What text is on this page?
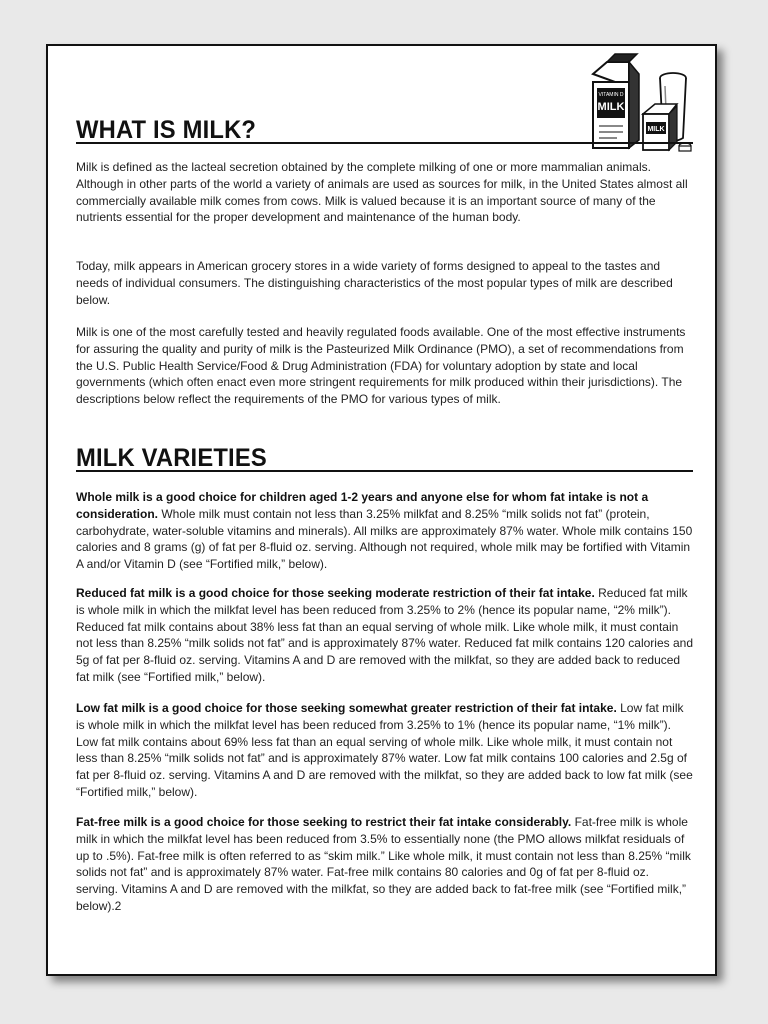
VITAMIN D
MILK
MILK
WHAT IS MILK?

Milk is defined as the lacteal secretion obtained by the complete milking of one or more mammalian animals. Although in other parts of the world a variety of animals are used as sources for milk, in the United States almost all commercially available milk comes from cows. Milk is valued because it is an important source of many of the nutrients essential for the proper development and maintenance of the human body.

Today, milk appears in American grocery stores in a wide variety of forms designed to appeal to the tastes and needs of individual consumers. The distinguishing characteristics of the most popular types of milk are described below.

Milk is one of the most carefully tested and heavily regulated foods available. One of the most effective instruments for assuring the quality and purity of milk is the Pasteurized Milk Ordinance (PMO), a set of recommendations from the U.S. Public Health Service/Food & Drug Administration (FDA) for voluntary adoption by state and local governments (which often enact even more stringent requirements for milk produced within their jurisdictions). The descriptions below reflect the requirements of the PMO for various types of milk.

MILK VARIETIES

Whole milk is a good choice for children aged 1-2 years and anyone else for whom fat intake is not a consideration. Whole milk must contain not less than 3.25% milkfat and 8.25% “milk solids not fat” (protein, carbohydrate, water-soluble vitamins and minerals). All milks are approximately 87% water. Whole milk contains 150 calories and 8 grams (g) of fat per 8-fluid oz. serving. Although not required, whole milk may be fortified with Vitamin A and/or Vitamin D (see “Fortified milk,” below).

Reduced fat milk is a good choice for those seeking moderate restriction of their fat intake. Reduced fat milk is whole milk in which the milkfat level has been reduced from 3.25% to 2% (hence its popular name, “2% milk”). Reduced fat milk contains about 38% less fat than an equal serving of whole milk. Like whole milk, it must contain not less than 8.25% “milk solids not fat” and is approximately 87% water. Reduced fat milk contains 120 calories and 5g of fat per 8-fluid oz. serving. Vitamins A and D are removed with the milkfat, so they are added back to reduced fat milk (see “Fortified milk,” below).

Low fat milk is a good choice for those seeking somewhat greater restriction of their fat intake. Low fat milk is whole milk in which the milkfat level has been reduced from 3.25% to 1% (hence its popular name, “1% milk”). Low fat milk contains about 69% less fat than an equal serving of whole milk. Like whole milk, it must contain not less than 8.25% “milk solids not fat” and is approximately 87% water. Low fat milk contains 100 calories and 2.5g of fat per 8-fluid oz. serving. Vitamins A and D are removed with the milkfat, so they are added back to low fat milk (see “Fortified milk,” below).

Fat-free milk is a good choice for those seeking to restrict their fat intake considerably. Fat-free milk is whole milk in which the milkfat level has been reduced from 3.5% to essentially none (the PMO allows milkfat residuals of up to .5%). Fat-free milk is often referred to as “skim milk.” Like whole milk, it must contain not less than 8.25% “milk solids not fat” and is approximately 87% water. Fat-free milk contains 80 calories and 0g of fat per 8-fluid oz. serving. Vitamins A and D are removed with the milkfat, so they are added back to fat-free milk (see “Fortified milk,” below).2
